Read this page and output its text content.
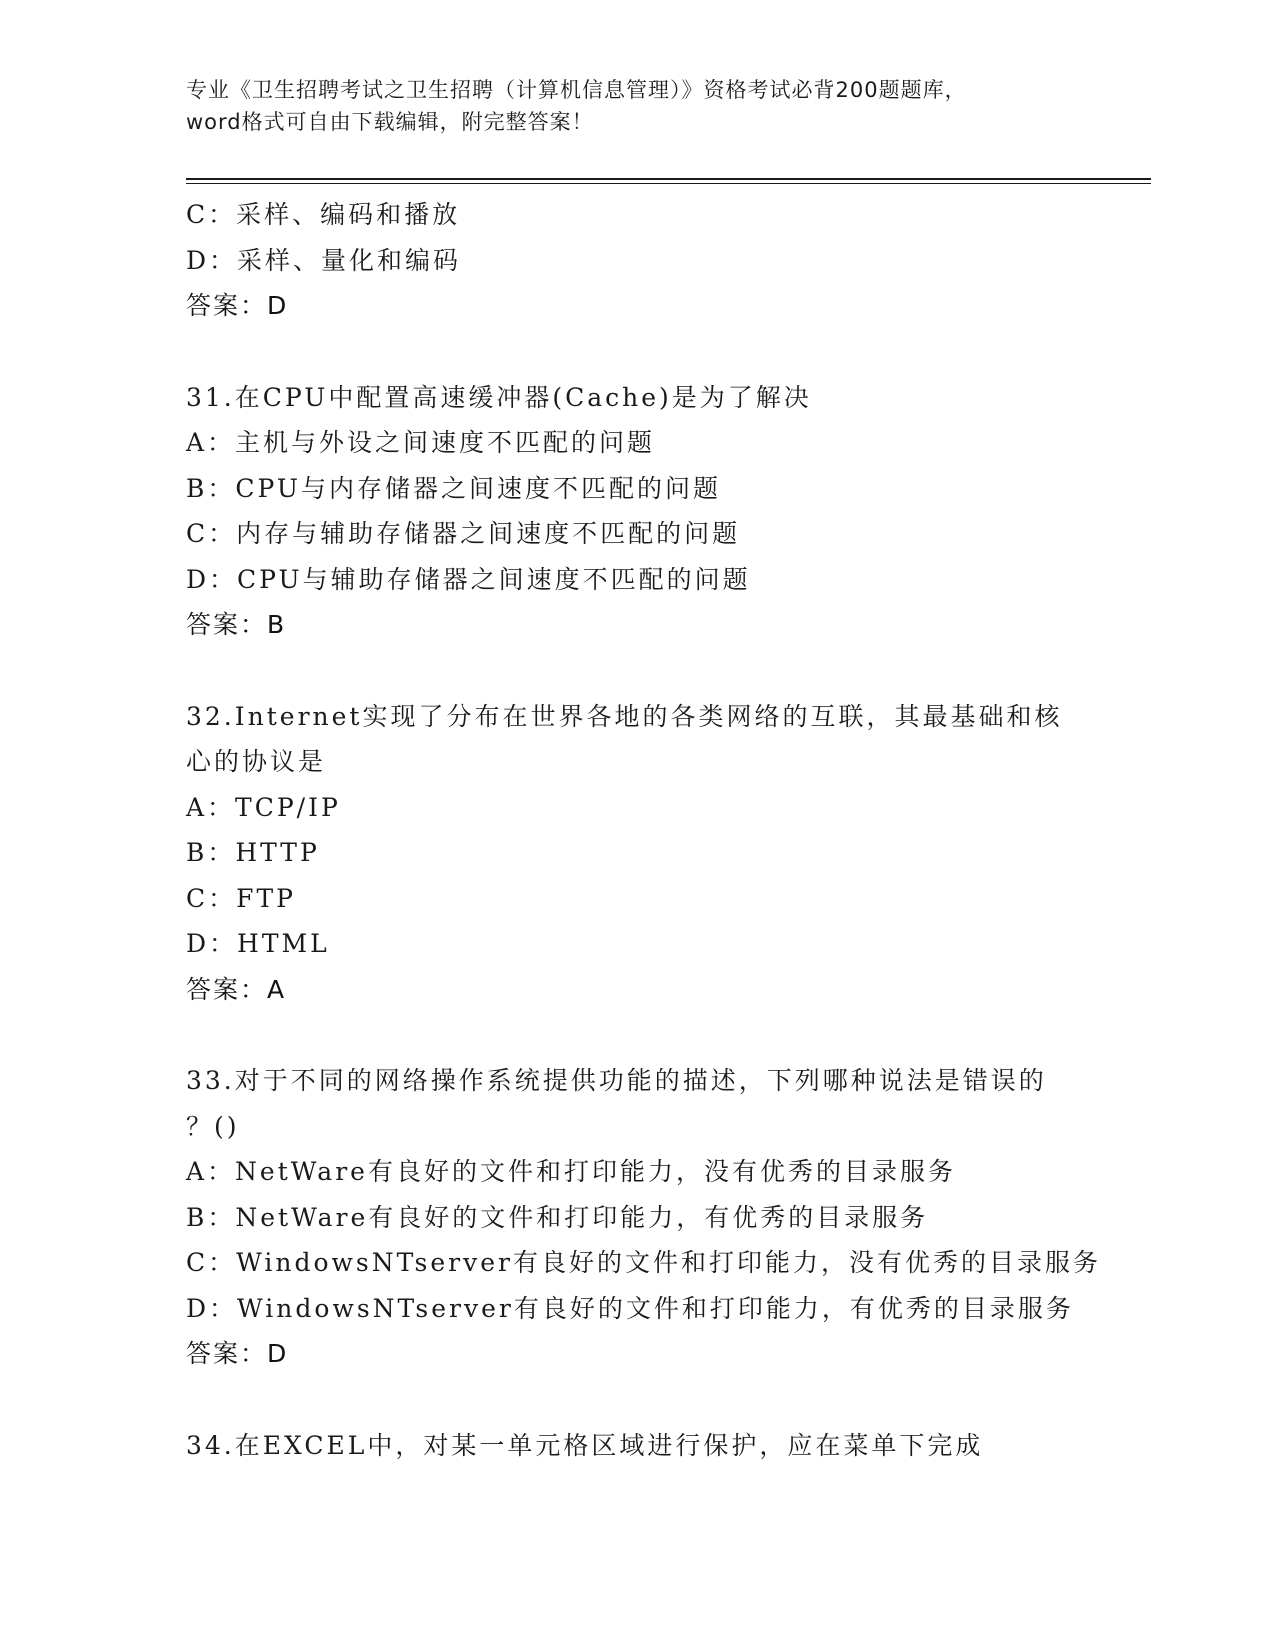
专业《卫生招聘考试之卫生招聘（计算机信息管理）》资格考试必背200题题库，
word格式可自由下载编辑，附完整答案！
C：采样、编码和播放
D：采样、量化和编码
答案：D
31.在CPU中配置高速缓冲器(Cache)是为了解决
A：主机与外设之间速度不匹配的问题
B：CPU与内存储器之间速度不匹配的问题
C：内存与辅助存储器之间速度不匹配的问题
D：CPU与辅助存储器之间速度不匹配的问题
答案：B
32.Internet实现了分布在世界各地的各类网络的互联，其最基础和核
心的协议是
A：TCP/IP
B：HTTP
C：FTP
D：HTML
答案：A
33.对于不同的网络操作系统提供功能的描述，下列哪种说法是错误的
？()
A：NetWare有良好的文件和打印能力，没有优秀的目录服务
B：NetWare有良好的文件和打印能力，有优秀的目录服务
C：WindowsNTserver有良好的文件和打印能力，没有优秀的目录服务
D：WindowsNTserver有良好的文件和打印能力，有优秀的目录服务
答案：D
34.在EXCEL中，对某一单元格区域进行保护，应在菜单下完成
